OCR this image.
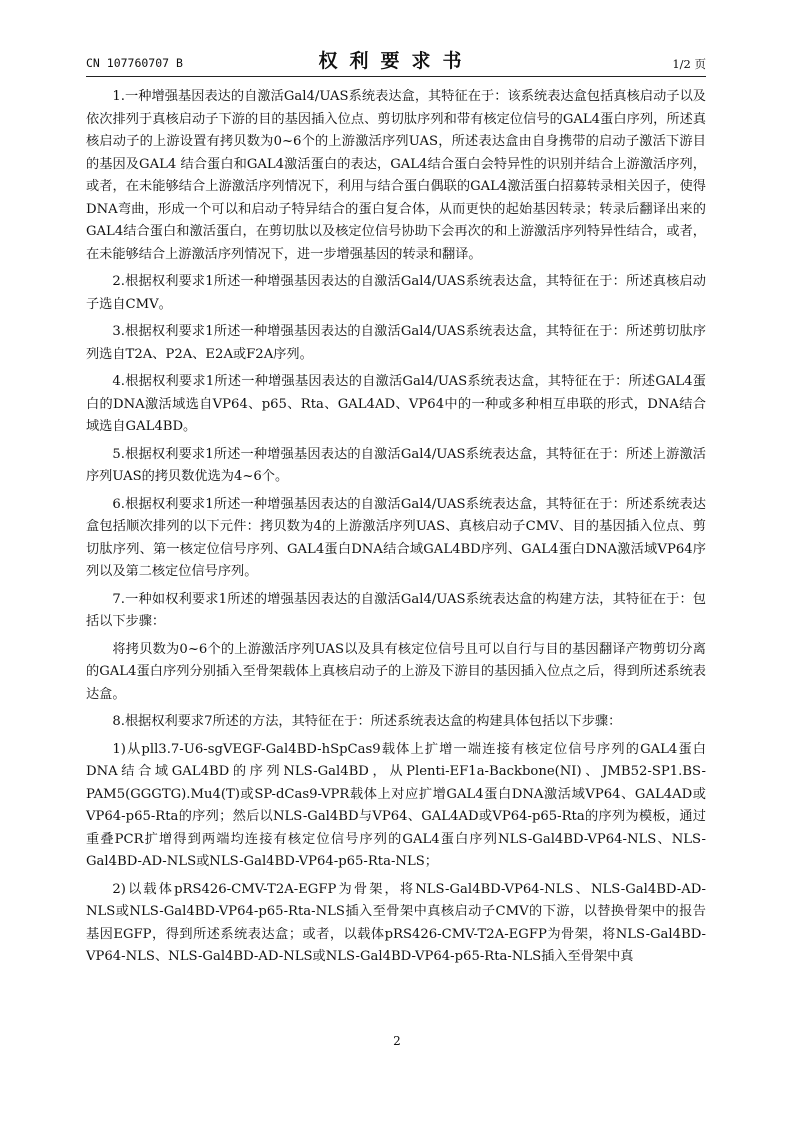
CN 107760707 B	权利要求书	1/2 页

1.一种增强基因表达的自激活Gal4/UAS系统表达盒，其特征在于：该系统表达盒包括真核启动子以及依次排列于真核启动子下游的目的基因插入位点、剪切肽序列和带有核定位信号的GAL4蛋白序列，所述真核启动子的上游设置有拷贝数为0~6个的上游激活序列UAS，所述表达盒由自身携带的启动子激活下游目的基因及GAL4 结合蛋白和GAL4激活蛋白的表达，GAL4结合蛋白会特异性的识别并结合上游激活序列，或者，在未能够结合上游激活序列情况下，利用与结合蛋白偶联的GAL4激活蛋白招募转录相关因子，使得DNA弯曲，形成一个可以和启动子特异结合的蛋白复合体，从而更快的起始基因转录；转录后翻译出来的GAL4结合蛋白和激活蛋白，在剪切肽以及核定位信号协助下会再次的和上游激活序列特异性结合，或者，在未能够结合上游激活序列情况下，进一步增强基因的转录和翻译。

2.根据权利要求1所述一种增强基因表达的自激活Gal4/UAS系统表达盒，其特征在于：所述真核启动子选自CMV。

3.根据权利要求1所述一种增强基因表达的自激活Gal4/UAS系统表达盒，其特征在于：所述剪切肽序列选自T2A、P2A、E2A或F2A序列。

4.根据权利要求1所述一种增强基因表达的自激活Gal4/UAS系统表达盒，其特征在于：所述GAL4蛋白的DNA激活域选自VP64、p65、Rta、GAL4AD、VP64中的一种或多种相互串联的形式，DNA结合域选自GAL4BD。

5.根据权利要求1所述一种增强基因表达的自激活Gal4/UAS系统表达盒，其特征在于：所述上游激活序列UAS的拷贝数优选为4~6个。

6.根据权利要求1所述一种增强基因表达的自激活Gal4/UAS系统表达盒，其特征在于：所述系统表达盒包括顺次排列的以下元件：拷贝数为4的上游激活序列UAS、真核启动子CMV、目的基因插入位点、剪切肽序列、第一核定位信号序列、GAL4蛋白DNA结合域GAL4BD序列、GAL4蛋白DNA激活域VP64序列以及第二核定位信号序列。

7.一种如权利要求1所述的增强基因表达的自激活Gal4/UAS系统表达盒的构建方法，其特征在于：包括以下步骤：

将拷贝数为0~6个的上游激活序列UAS以及具有核定位信号且可以自行与目的基因翻译产物剪切分离的GAL4蛋白序列分别插入至骨架载体上真核启动子的上游及下游目的基因插入位点之后，得到所述系统表达盒。

8.根据权利要求7所述的方法，其特征在于：所述系统表达盒的构建具体包括以下步骤：

1)从pll3.7-U6-sgVEGF-Gal4BD-hSpCas9载体上扩增一端连接有核定位信号序列的GAL4蛋白DNA结合域GAL4BD的序列NLS-Gal4BD，从Plenti-EF1a-Backbone(NI)、JMB52-SP1.BS-PAM5(GGGTG).Mu4(T)或SP-dCas9-VPR载体上对应扩增GAL4蛋白DNA激活域VP64、GAL4AD或VP64-p65-Rta的序列；然后以NLS-Gal4BD与VP64、GAL4AD或VP64-p65-Rta的序列为模板，通过重叠PCR扩增得到两端均连接有核定位信号序列的GAL4蛋白序列NLS-Gal4BD-VP64-NLS、NLS-Gal4BD-AD-NLS或NLS-Gal4BD-VP64-p65-Rta-NLS；

2)以载体pRS426-CMV-T2A-EGFP为骨架，将NLS-Gal4BD-VP64-NLS、NLS-Gal4BD-AD-NLS或NLS-Gal4BD-VP64-p65-Rta-NLS插入至骨架中真核启动子CMV的下游，以替换骨架中的报告基因EGFP，得到所述系统表达盒；或者，以载体pRS426-CMV-T2A-EGFP为骨架，将NLS-Gal4BD-VP64-NLS、NLS-Gal4BD-AD-NLS或NLS-Gal4BD-VP64-p65-Rta-NLS插入至骨架中真

2
